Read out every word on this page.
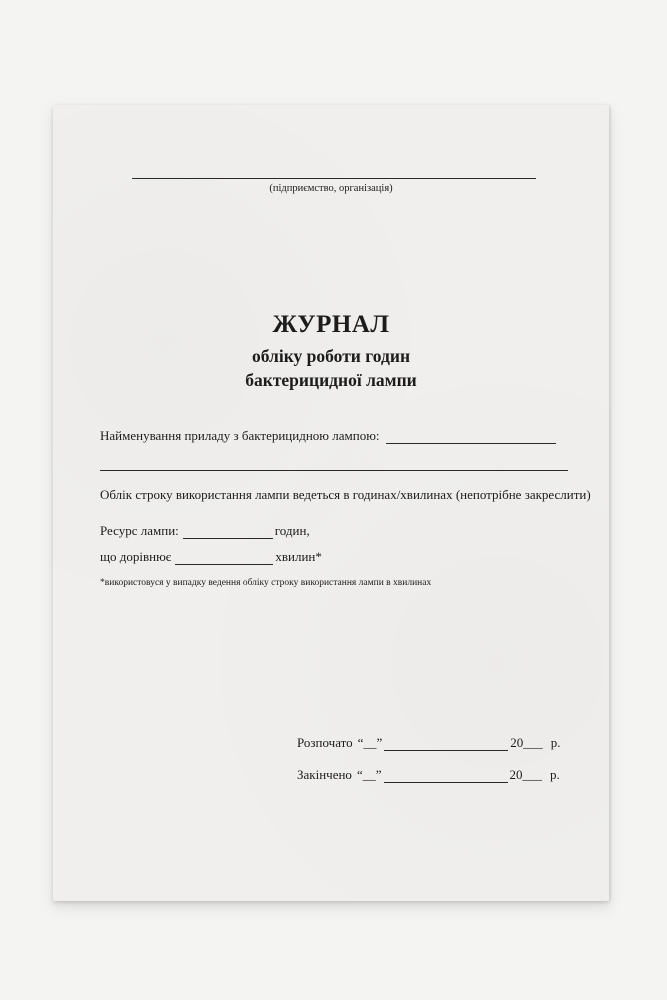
(підприємство, організація)
ЖУРНАЛ
обліку роботи годин
бактерицидної лампи
Найменування приладу з бактерицидною лампою:
Облік строку використання лампи ведеться в годинах/хвилинах (непотрібне закреслити)
Ресурс лампи:	годин,
що дорівнює	хвилин*
*використовуся у випадку ведення обліку строку використання лампи в хвилинах
Розпочато “ __ ”	20 ___ р.
Закінчено “ __ ”	20 ___ р.
